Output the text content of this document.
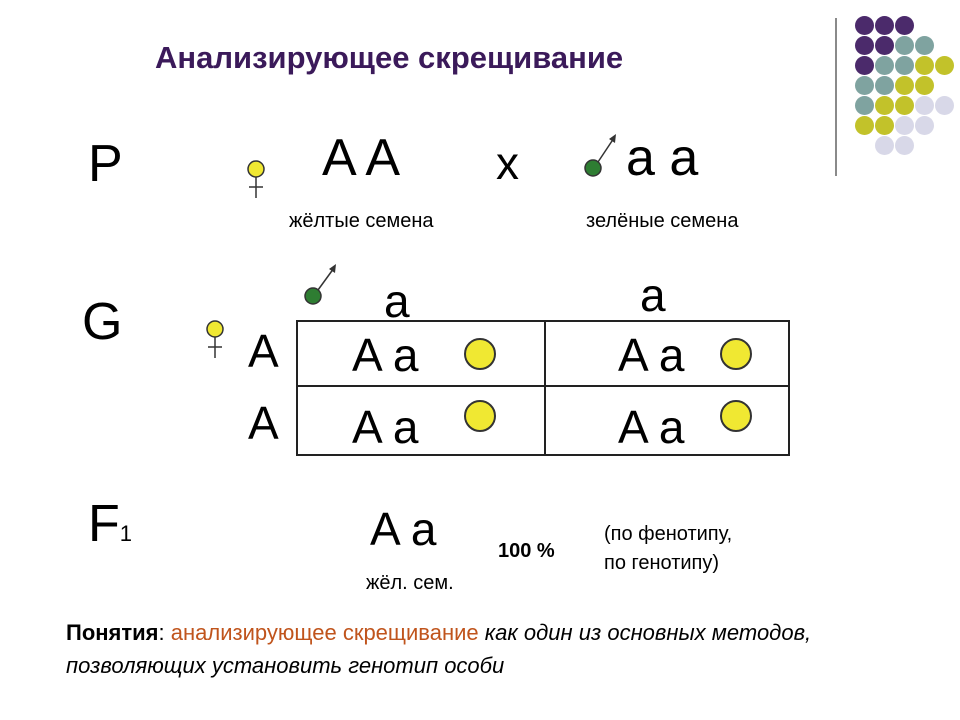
Анализирующее скрещивание
P	A A x a a
жёлтые семена	зелёные семена
G	a	a
A
A
A a	A a
A a	A a
F1	A a
жёл. сем.
100 %
(по фенотипу,
по генотипу)
Понятия: анализирующее скрещивание как один из основных методов, позволяющих установить генотип особи
